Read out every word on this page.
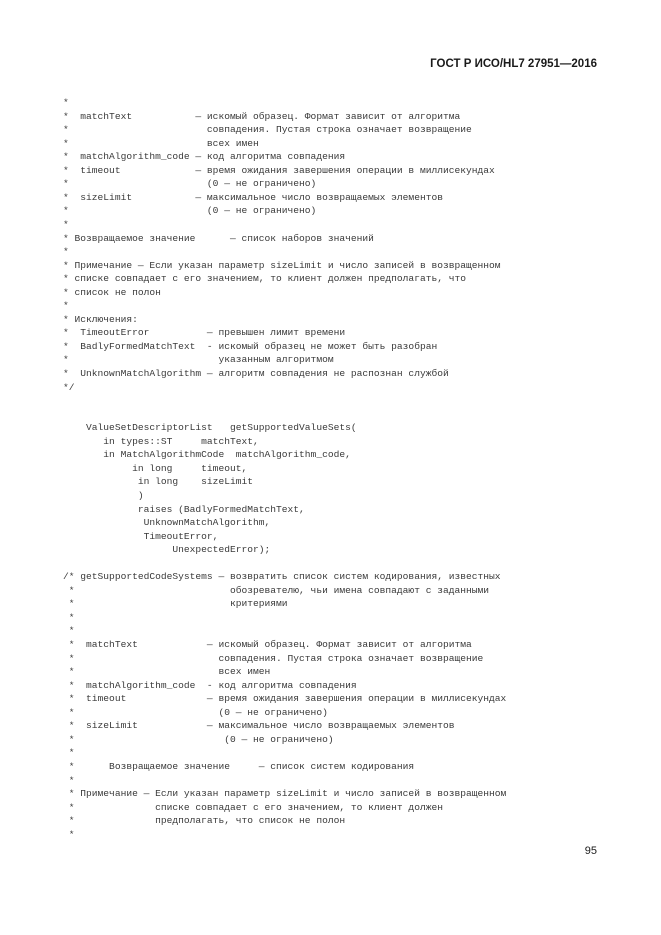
ГОСТ Р ИСО/HL7 27951—2016
*
*  matchText           — искомый образец. Формат зависит от алгоритма
*                        совпадения. Пустая строка означает возвращение
*                        всех имен
*  matchAlgorithm_code — код алгоритма совпадения
*  timeout             — время ожидания завершения операции в миллисекундах
*                        (0 — не ограничено)
*  sizeLimit           — максимальное число возвращаемых элементов
*                        (0 — не ограничено)
*
* Возвращаемое значение      — список наборов значений
*
* Примечание — Если указан параметр sizeLimit и число записей в возвращенном
* списке совпадает с его значением, то клиент должен предполагать, что
* список не полон
*
* Исключения:
*  TimeoutError          — превышен лимит времени
*  BadlyFormedMatchText  - искомый образец не может быть разобран
*                          указанным алгоритмом
*  UnknownMatchAlgorithm — алгоритм совпадения не распознан службой
*/
ValueSetDescriptorList   getSupportedValueSets(
in types::ST     matchText,
in MatchAlgorithmCode  matchAlgorithm_code,
in long     timeout,
in long    sizeLimit
)
raises (BadlyFormedMatchText,
UnknownMatchAlgorithm,
TimeoutError,
UnexpectedError);
/* getSupportedCodeSystems — возвратить список систем кодирования, известных
*                           обозревателю, чьи имена совпадают с заданными
*                           критериями
*
*
*  matchText            — искомый образец. Формат зависит от алгоритма
*                         совпадения. Пустая строка означает возвращение
*                         всех имен
*  matchAlgorithm_code  - код алгоритма совпадения
*  timeout              — время ожидания завершения операции в миллисекундах
*                         (0 — не ограничено)
*  sizeLimit            — максимальное число возвращаемых элементов
*                          (0 — не ограничено)
*
*      Возвращаемое значение     — список систем кодирования
*
* Примечание — Если указан параметр sizeLimit и число записей в возвращенном
*              списке совпадает с его значением, то клиент должен
*              предполагать, что список не полон
*
95
